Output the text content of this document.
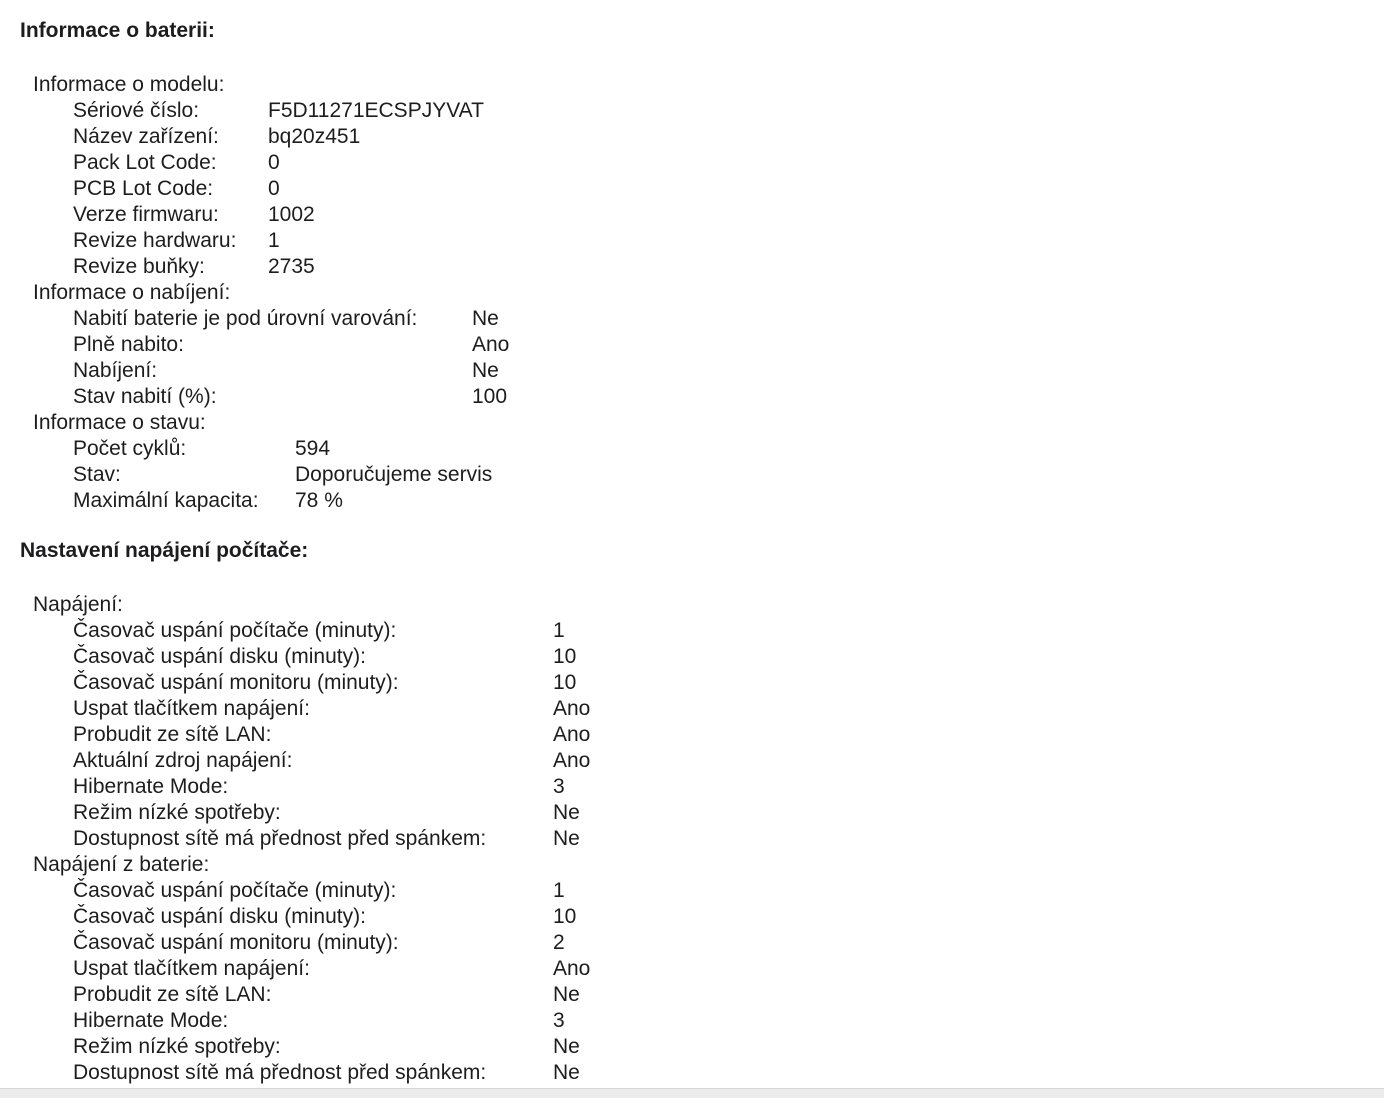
Informace o baterii:
Informace o modelu:
Sériové číslo:	F5D11271ECSPJYVAT
Název zařízení:	bq20z451
Pack Lot Code:	0
PCB Lot Code:	0
Verze firmwaru:	1002
Revize hardwaru:	1
Revize buňky:	2735
Informace o nabíjení:
Nabití baterie je pod úrovní varování:	Ne
Plně nabito:	Ano
Nabíjení:	Ne
Stav nabití (%):	100
Informace o stavu:
Počet cyklů:	594
Stav:	Doporučujeme servis
Maximální kapacita:	78 %
Nastavení napájení počítače:
Napájení:
Časovač uspání počítače (minuty):	1
Časovač uspání disku (minuty):	10
Časovač uspání monitoru (minuty):	10
Uspat tlačítkem napájení:	Ano
Probudit ze sítě LAN:	Ano
Aktuální zdroj napájení:	Ano
Hibernate Mode:	3
Režim nízké spotřeby:	Ne
Dostupnost sítě má přednost před spánkem:	Ne
Napájení z baterie:
Časovač uspání počítače (minuty):	1
Časovač uspání disku (minuty):	10
Časovač uspání monitoru (minuty):	2
Uspat tlačítkem napájení:	Ano
Probudit ze sítě LAN:	Ne
Hibernate Mode:	3
Režim nízké spotřeby:	Ne
Dostupnost sítě má přednost před spánkem:	Ne
